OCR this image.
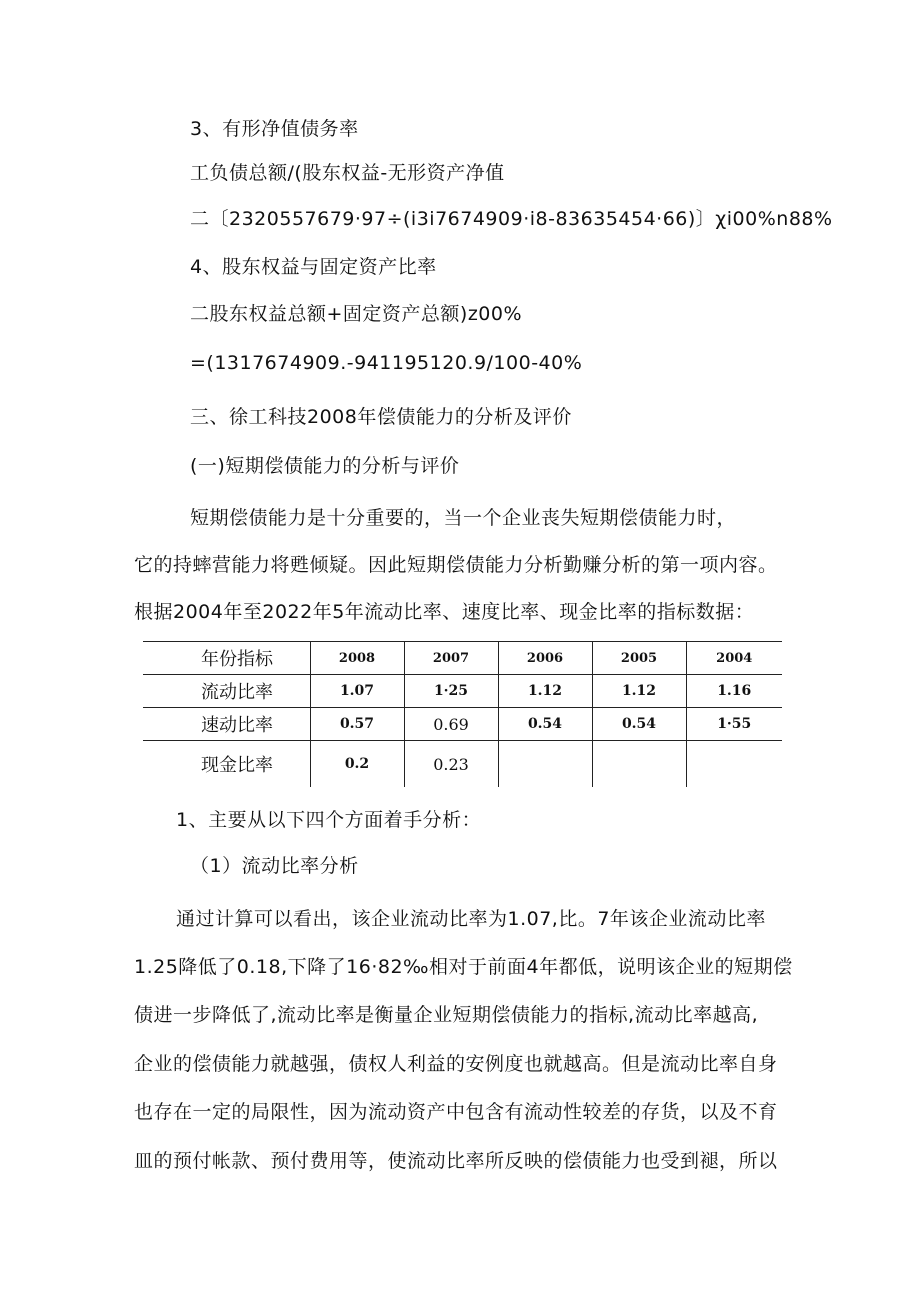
3、有形净值债务率
工负债总额/(股东权益-无形资产净值
二〔2320557679·97÷(i3i7674909·i8-83635454·66)〕χi00%n88%
4、股东权益与固定资产比率
二股东权益总额+固定资产总额)z00%
=(1317674909.-941195120.9/100-40%
三、徐工科技2008年偿债能力的分析及评价
(一)短期偿债能力的分析与评价
短期偿债能力是十分重要的，当一个企业丧失短期偿债能力时，
它的持蟀营能力将甦倾疑。因此短期偿债能力分析勤赚分析的第一项内容。
根据2004年至2022年5年流动比率、速度比率、现金比率的指标数据：
年份指标	2008	2007	2006	2005	2004
流动比率	1.07	1·25	1.12	1.12	1.16
速动比率	0.57	0.69	0.54	0.54	1·55
现金比率	0.2	0.23			
1、主要从以下四个方面着手分析：
（1）流动比率分析
通过计算可以看出，该企业流动比率为1.07,比。7年该企业流动比率
1.25降低了0.18,下降了16·82‰相对于前面4年都低，说明该企业的短期偿
债进一步降低了,流动比率是衡量企业短期偿债能力的指标,流动比率越高,
企业的偿债能力就越强，债权人利益的安例度也就越高。但是流动比率自身
也存在一定的局限性，因为流动资产中包含有流动性较差的存货，以及不育
皿的预付帐款、预付费用等，使流动比率所反映的偿债能力也受到褪，所以
